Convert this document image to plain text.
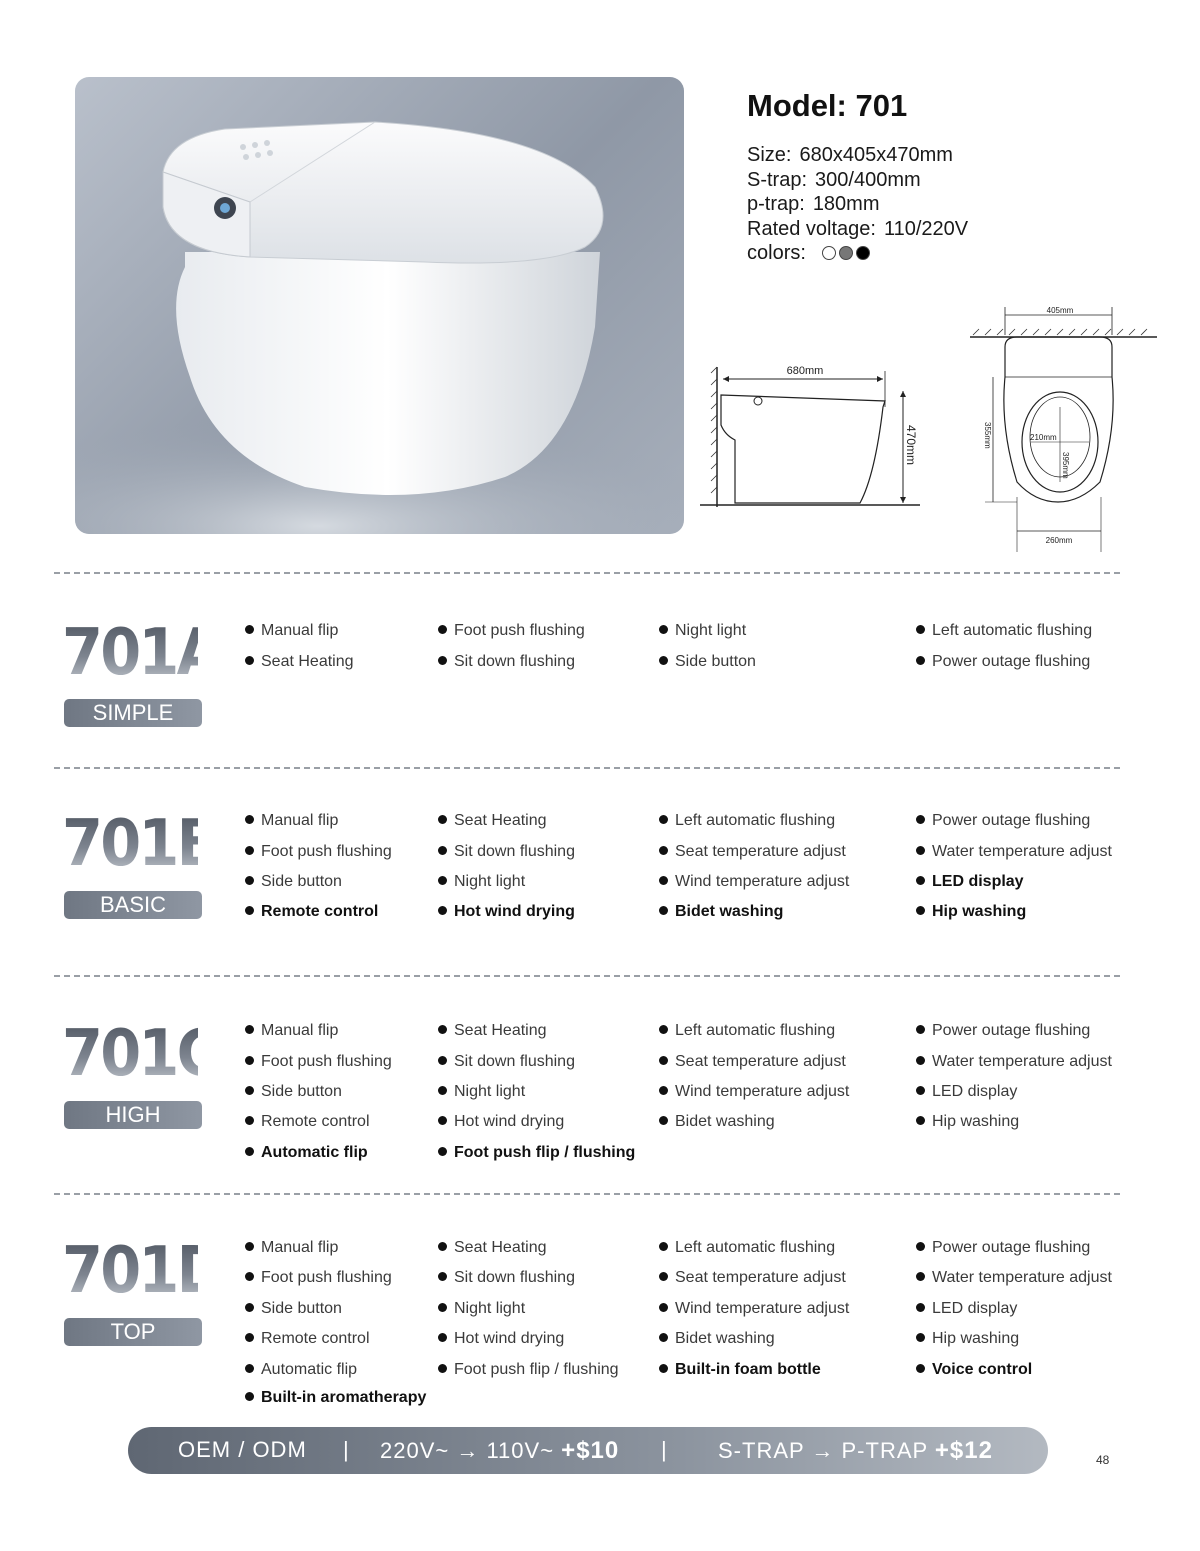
Model: 701
Size: 680x405x470mm
S-trap: 300/400mm
p-trap: 180mm
Rated voltage: 110/220V
colors:
680mm
470mm
405mm
210mm
395mm
355mm
260mm
701A
SIMPLE
Manual flip	Foot push flushing	Night light	Left automatic flushing
Seat Heating	Sit down flushing	Side button	Power outage flushing
701B
BASIC
Manual flip	Seat Heating	Left automatic flushing	Power outage flushing
Foot push flushing	Sit down flushing	Seat temperature adjust	Water temperature adjust
Side button	Night light	Wind temperature adjust	LED display
Remote control	Hot wind drying	Bidet washing	Hip washing
701C
HIGH
Manual flip	Seat Heating	Left automatic flushing	Power outage flushing
Foot push flushing	Sit down flushing	Seat temperature adjust	Water temperature adjust
Side button	Night light	Wind temperature adjust	LED display
Remote control	Hot wind drying	Bidet washing	Hip washing
Automatic flip	Foot push flip / flushing
701D
TOP
Manual flip	Seat Heating	Left automatic flushing	Power outage flushing
Foot push flushing	Sit down flushing	Seat temperature adjust	Water temperature adjust
Side button	Night light	Wind temperature adjust	LED display
Remote control	Hot wind drying	Bidet washing	Hip washing
Automatic flip	Foot push flip / flushing	Built-in foam bottle	Voice control
Built-in aromatherapy
OEM / ODM | 220V~ → 110V~ +$10 | S-TRAP → P-TRAP +$12	48
